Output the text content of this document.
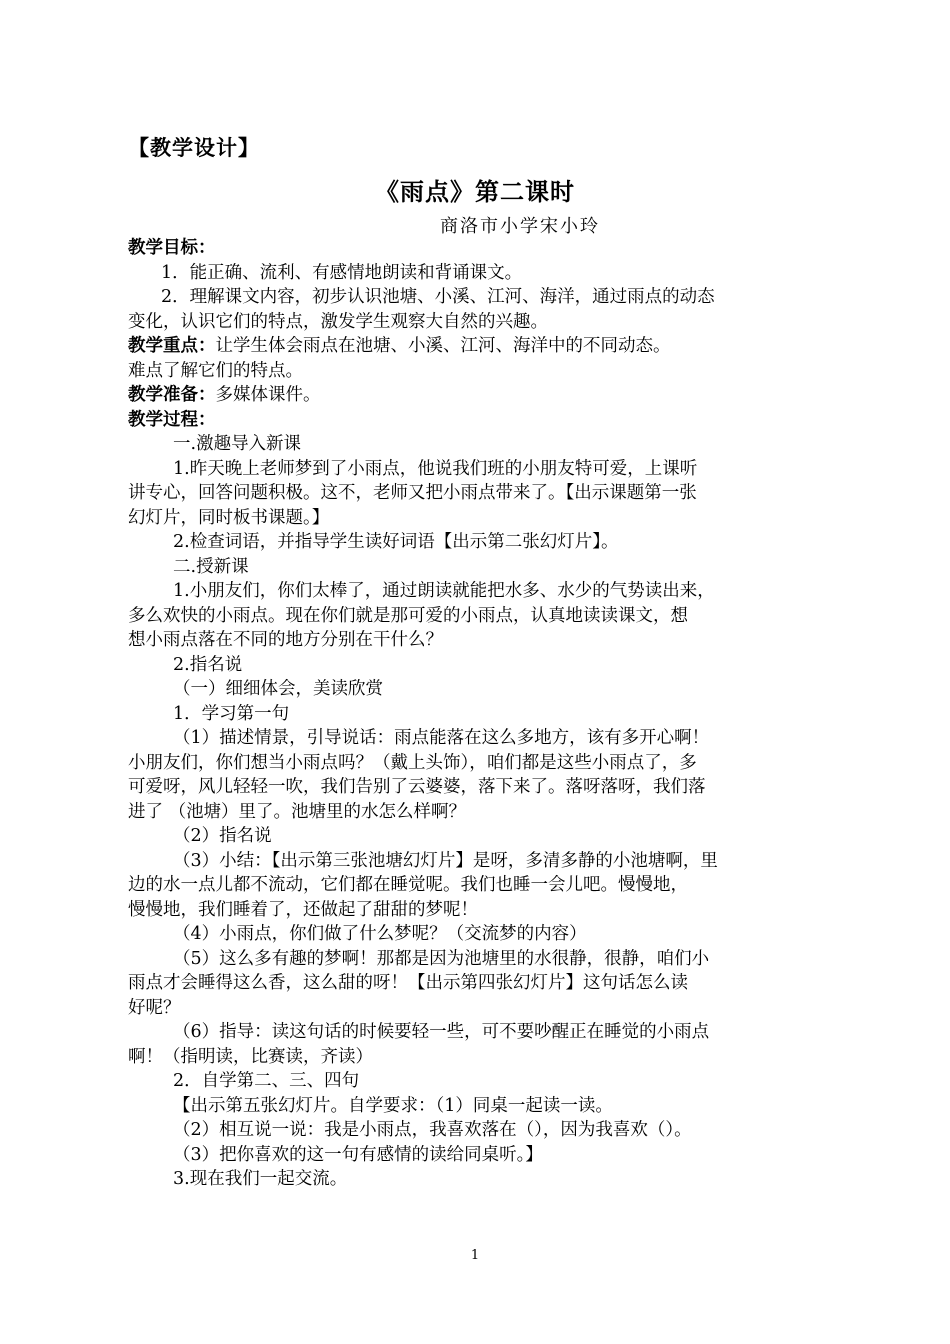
【教学设计】
《雨点》第二课时
商洛市小学宋小玲

教学目标：

1．能正确、流利、有感情地朗读和背诵课文。

2．理解课文内容，初步认识池塘、小溪、江河、海洋，通过雨点的动态

变化，认识它们的特点，激发学生观察大自然的兴趣。

教学重点：让学生体会雨点在池塘、小溪、江河、海洋中的不同动态。

难点了解它们的特点。

教学准备：多媒体课件。

教学过程：

一.激趣导入新课

1.昨天晚上老师梦到了小雨点，他说我们班的小朋友特可爱，上课听

讲专心，回答问题积极。这不，老师又把小雨点带来了。【出示课题第一张

幻灯片，同时板书课题。】

2.检查词语，并指导学生读好词语【出示第二张幻灯片】。

二.授新课

1.小朋友们，你们太棒了，通过朗读就能把水多、水少的气势读出来，

多么欢快的小雨点。现在你们就是那可爱的小雨点，认真地读读课文，想

想小雨点落在不同的地方分别在干什么？

2.指名说

（一）细细体会，美读欣赏

1．学习第一句

（1）描述情景，引导说话：雨点能落在这么多地方，该有多开心啊！

小朋友们，你们想当小雨点吗？（戴上头饰），咱们都是这些小雨点了，多

可爱呀，风儿轻轻一吹，我们告别了云婆婆，落下来了。落呀落呀，我们落

进了 （池塘）里了。池塘里的水怎么样啊？

（2）指名说

（3）小结：【出示第三张池塘幻灯片】是呀，多清多静的小池塘啊，里

边的水一点儿都不流动，它们都在睡觉呢。我们也睡一会儿吧。慢慢地，

慢慢地，我们睡着了，还做起了甜甜的梦呢！

（4）小雨点，你们做了什么梦呢？（交流梦的内容）

（5）这么多有趣的梦啊！那都是因为池塘里的水很静，很静，咱们小

雨点才会睡得这么香，这么甜的呀！【出示第四张幻灯片】这句话怎么读

好呢？

（6）指导：读这句话的时候要轻一些，可不要吵醒正在睡觉的小雨点

啊！（指明读，比赛读，齐读）

2．自学第二、三、四句

【出示第五张幻灯片。自学要求：（1）同桌一起读一读。

（2）相互说一说：我是小雨点，我喜欢落在（），因为我喜欢（）。

（3）把你喜欢的这一句有感情的读给同桌听。】

3.现在我们一起交流。

1
